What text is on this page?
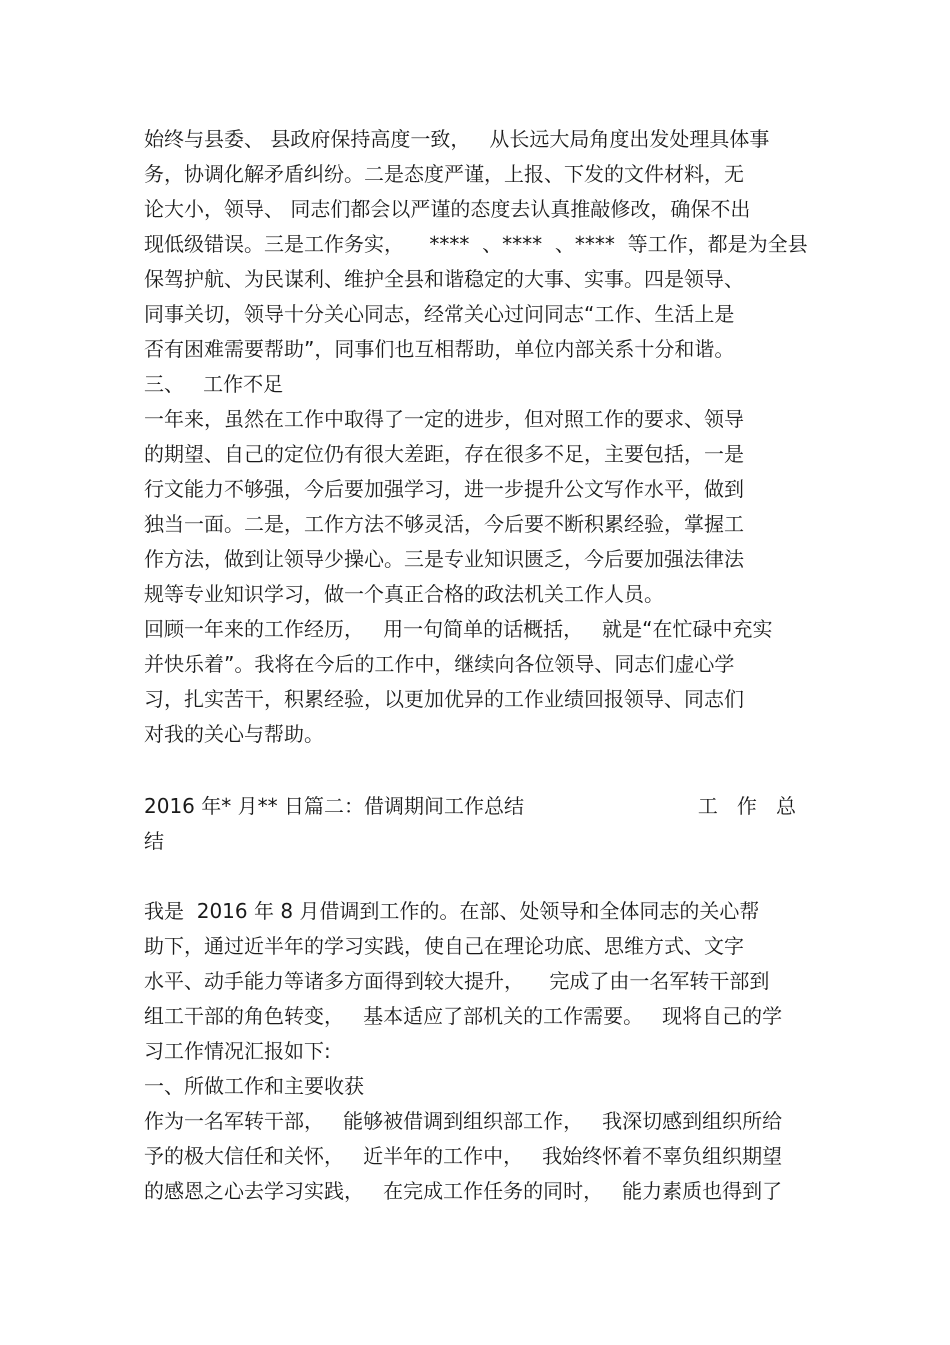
始终与县委、 县政府保持高度一致，   从长远大局角度出发处理具体事
务，协调化解矛盾纠纷。二是态度严谨，上报、下发的文件材料，无
论大小，领导、 同志们都会以严谨的态度去认真推敲修改，确保不出
现低级错误。三是工作务实，    ****  、****  、****  等工作，都是为全县
保驾护航、为民谋利、维护全县和谐稳定的大事、实事。四是领导、
同事关切，领导十分关心同志，经常关心过问同志“工作、生活上是
否有困难需要帮助”，同事们也互相帮助，单位内部关系十分和谐。
三、   工作不足
一年来，虽然在工作中取得了一定的进步，但对照工作的要求、领导
的期望、自己的定位仍有很大差距，存在很多不足，主要包括，一是
行文能力不够强，今后要加强学习，进一步提升公文写作水平，做到
独当一面。二是，工作方法不够灵活，今后要不断积累经验，掌握工
作方法，做到让领导少操心。三是专业知识匮乏，今后要加强法律法
规等专业知识学习，做一个真正合格的政法机关工作人员。
回顾一年来的工作经历，   用一句简单的话概括，   就是“在忙碌中充实
并快乐着”。我将在今后的工作中，继续向各位领导、同志们虚心学
习，扎实苦干，积累经验，以更加优异的工作业绩回报领导、同志们
对我的关心与帮助。
2016 年* 月** 日篇二：借调期间工作总结	工   作   总
结
我是  2016 年 8 月借调到工作的。在部、处领导和全体同志的关心帮
助下，通过近半年的学习实践，使自己在理论功底、思维方式、文字
水平、动手能力等诸多方面得到较大提升，    完成了由一名军转干部到
组工干部的角色转变，   基本适应了部机关的工作需要。   现将自己的学
习工作情况汇报如下:
一、所做工作和主要收获
作为一名军转干部，   能够被借调到组织部工作，   我深切感到组织所给
予的极大信任和关怀，   近半年的工作中，   我始终怀着不辜负组织期望
的感恩之心去学习实践，   在完成工作任务的同时，   能力素质也得到了
